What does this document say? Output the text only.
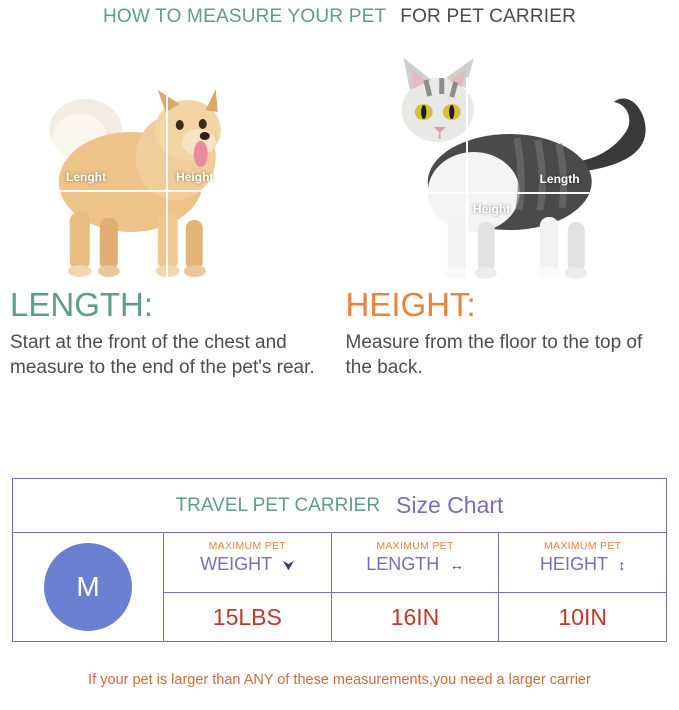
HOW TO MEASURE YOUR PET FOR PET CARRIER
Lenght	Height	Length
Height
LENGTH:

Start at the front of the chest and measure to the end of the pet's rear.

HEIGHT:

Measure from the floor to the top of the back.

TRAVEL PET CARRIER Size Chart
M
MAXIMUM PET
WEIGHT ⮟
15LBS
MAXIMUM PET
LENGTH ↔
16IN
MAXIMUM PET
HEIGHT ↕
10IN
If your pet is larger than ANY of these measurements,you need a larger carrier
